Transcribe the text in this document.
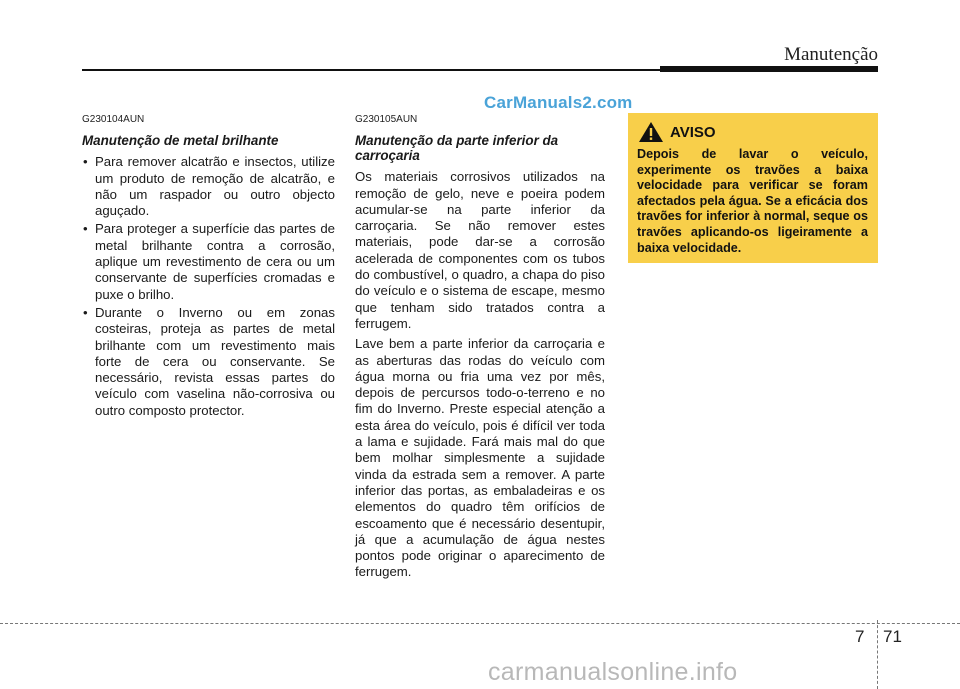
Manutenção
CarManuals2.com
G230104AUN
Manutenção de metal brilhante
• Para remover alcatrão e insectos, utilize um produto de remoção de alcatrão, e não um raspador ou outro objecto aguçado.
• Para proteger a superfície das partes de metal brilhante contra a corrosão, aplique um revestimento de cera ou um conservante de superfícies cromadas e puxe o brilho.
• Durante o Inverno ou em zonas costeiras, proteja as partes de metal brilhante com um revestimento mais forte de cera ou conservante. Se necessário, revista essas partes do veículo com vaselina não-corrosiva ou outro composto protector.
G230105AUN
Manutenção da parte inferior da carroçaria

Os materiais corrosivos utilizados na remoção de gelo, neve e poeira podem acumular-se na parte inferior da carroçaria. Se não remover estes materiais, pode dar-se a corrosão acelerada de componentes com os tubos do combustível, o quadro, a chapa do piso do veículo e o sistema de escape, mesmo que tenham sido tratados contra a ferrugem.

Lave bem a parte inferior da carroçaria e as aberturas das rodas do veículo com água morna ou fria uma vez por mês, depois de percursos todo-o-terreno e no fim do Inverno. Preste especial atenção a esta área do veículo, pois é difícil ver toda a lama e sujidade. Fará mais mal do que bem molhar simplesmente a sujidade vinda da estrada sem a remover. A parte inferior das portas, as embaladeiras e os elementos do quadro têm orifícios de escoamento que é necessário desentupir, já que a acumulação de água nestes pontos pode originar o aparecimento de ferrugem.

AVISO
Depois de lavar o veículo, experimente os travões a baixa velocidade para verificar se foram afectados pela água. Se a eficácia dos travões for inferior à normal, seque os travões aplicando-os ligeiramente a baixa velocidade.
7 71
carmanualsonline.info
